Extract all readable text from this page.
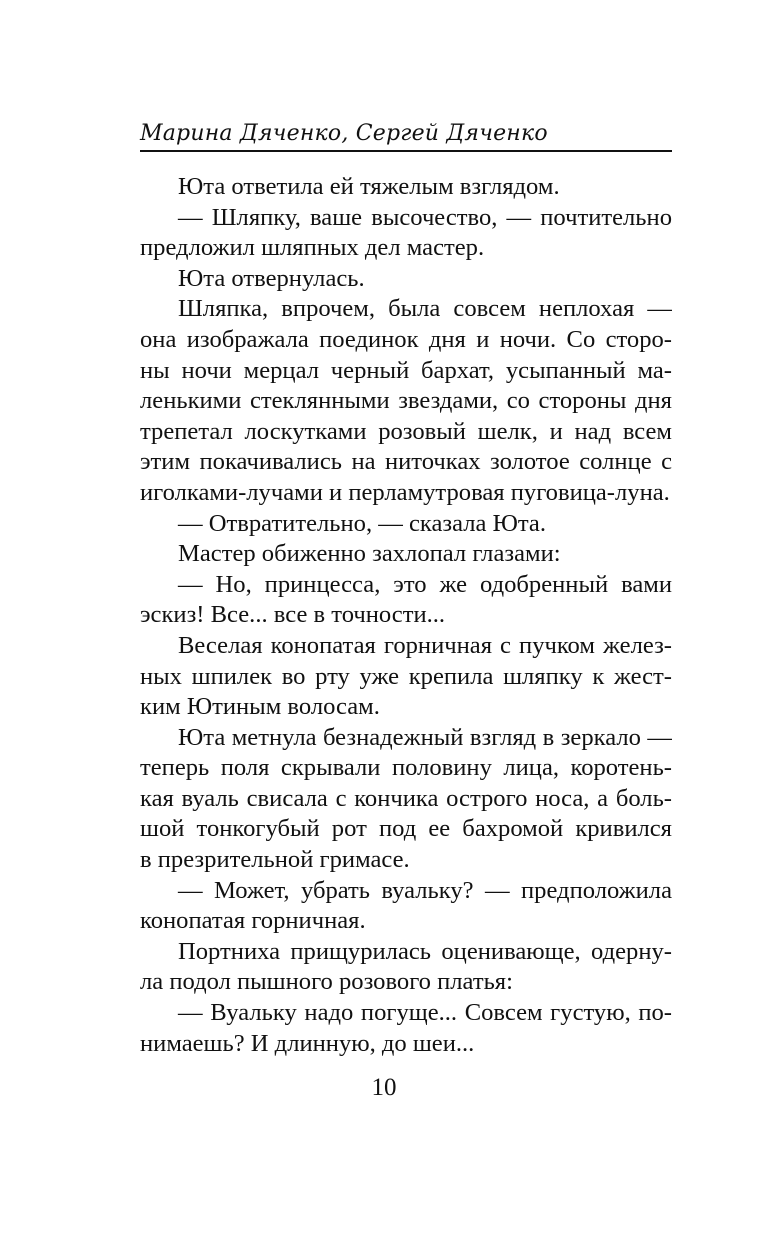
Марина Дяченко, Сергей Дяченко
Юта ответила ей тяжелым взглядом.
— Шляпку, ваше высочество, — почтительно
предложил шляпных дел мастер.
Юта отвернулась.
Шляпка, впрочем, была совсем неплохая —
она изображала поединок дня и ночи. Со сторо-
ны ночи мерцал черный бархат, усыпанный ма-
ленькими стеклянными звездами, со стороны дня
трепетал лоскутками розовый шелк, и над всем
этим покачивались на ниточках золотое солнце с
иголками-лучами и перламутровая пуговица-луна.
— Отвратительно, — сказала Юта.
Мастер обиженно захлопал глазами:
— Но, принцесса, это же одобренный вами
эскиз! Все... все в точности...
Веселая конопатая горничная с пучком желез-
ных шпилек во рту уже крепила шляпку к жест-
ким Ютиным волосам.
Юта метнула безнадежный взгляд в зеркало —
теперь поля скрывали половину лица, коротень-
кая вуаль свисала с кончика острого носа, а боль-
шой тонкогубый рот под ее бахромой кривился
в презрительной гримасе.
— Может, убрать вуальку? — предположила
конопатая горничная.
Портниха прищурилась оценивающе, одерну-
ла подол пышного розового платья:
— Вуальку надо погуще... Совсем густую, по-
нимаешь? И длинную, до шеи...
10
